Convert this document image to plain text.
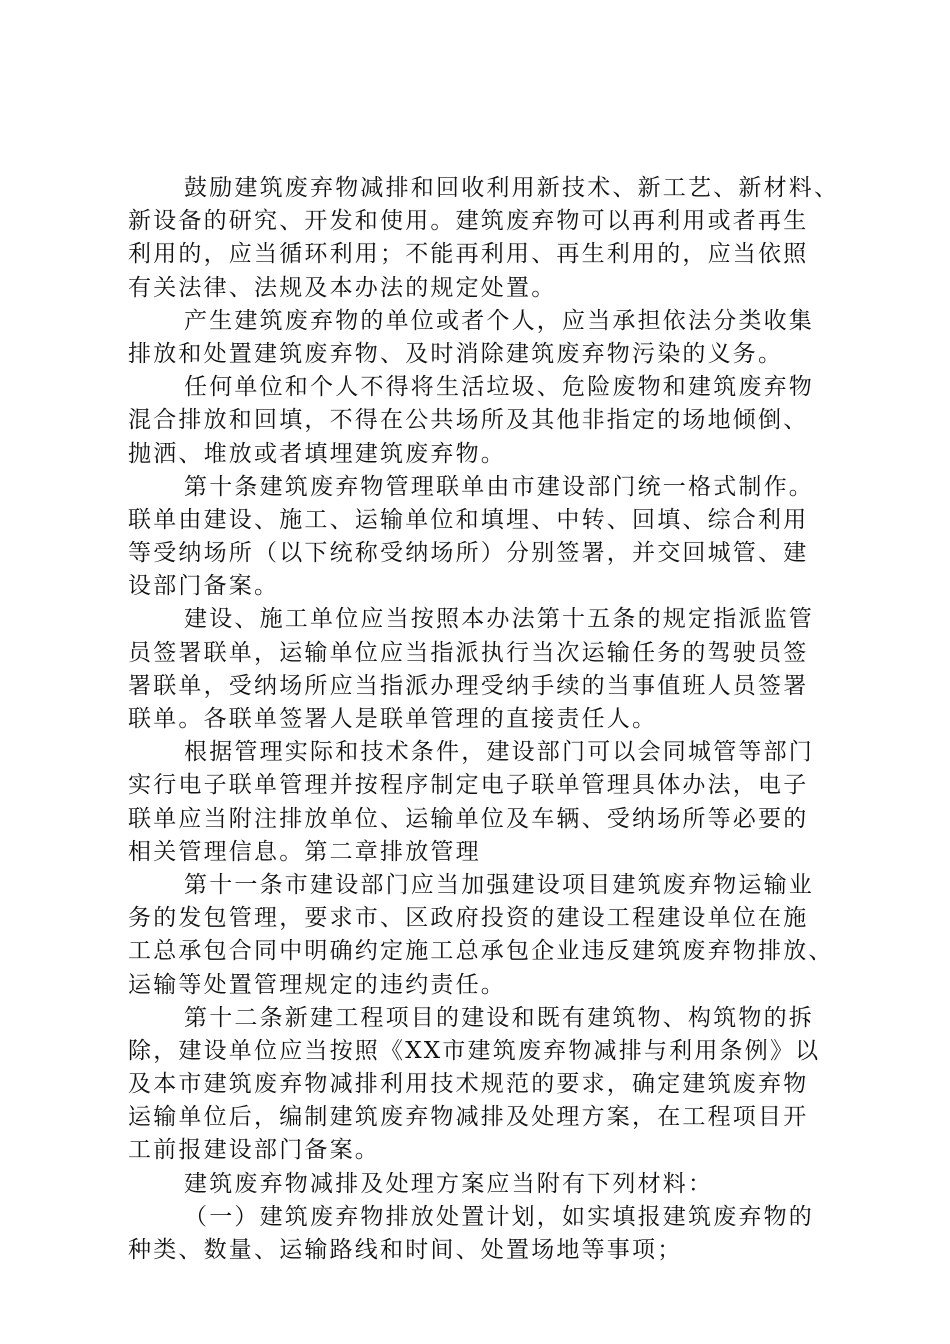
鼓励建筑废弃物减排和回收利用新技术、新工艺、新材料、
新设备的研究、开发和使用。建筑废弃物可以再利用或者再生
利用的，应当循环利用；不能再利用、再生利用的，应当依照
有关法律、法规及本办法的规定处置。
产生建筑废弃物的单位或者个人，应当承担依法分类收集
排放和处置建筑废弃物、及时消除建筑废弃物污染的义务。
任何单位和个人不得将生活垃圾、危险废物和建筑废弃物
混合排放和回填，不得在公共场所及其他非指定的场地倾倒、
抛洒、堆放或者填埋建筑废弃物。
第十条建筑废弃物管理联单由市建设部门统一格式制作。
联单由建设、施工、运输单位和填埋、中转、回填、综合利用
等受纳场所（以下统称受纳场所）分别签署，并交回城管、建
设部门备案。
建设、施工单位应当按照本办法第十五条的规定指派监管
员签署联单，运输单位应当指派执行当次运输任务的驾驶员签
署联单，受纳场所应当指派办理受纳手续的当事值班人员签署
联单。各联单签署人是联单管理的直接责任人。
根据管理实际和技术条件，建设部门可以会同城管等部门
实行电子联单管理并按程序制定电子联单管理具体办法，电子
联单应当附注排放单位、运输单位及车辆、受纳场所等必要的
相关管理信息。第二章排放管理
第十一条市建设部门应当加强建设项目建筑废弃物运输业
务的发包管理，要求市、区政府投资的建设工程建设单位在施
工总承包合同中明确约定施工总承包企业违反建筑废弃物排放、
运输等处置管理规定的违约责任。
第十二条新建工程项目的建设和既有建筑物、构筑物的拆
除，建设单位应当按照《XX市建筑废弃物减排与利用条例》以
及本市建筑废弃物减排利用技术规范的要求，确定建筑废弃物
运输单位后，编制建筑废弃物减排及处理方案，在工程项目开
工前报建设部门备案。
建筑废弃物减排及处理方案应当附有下列材料：
（一）建筑废弃物排放处置计划，如实填报建筑废弃物的
种类、数量、运输路线和时间、处置场地等事项；
